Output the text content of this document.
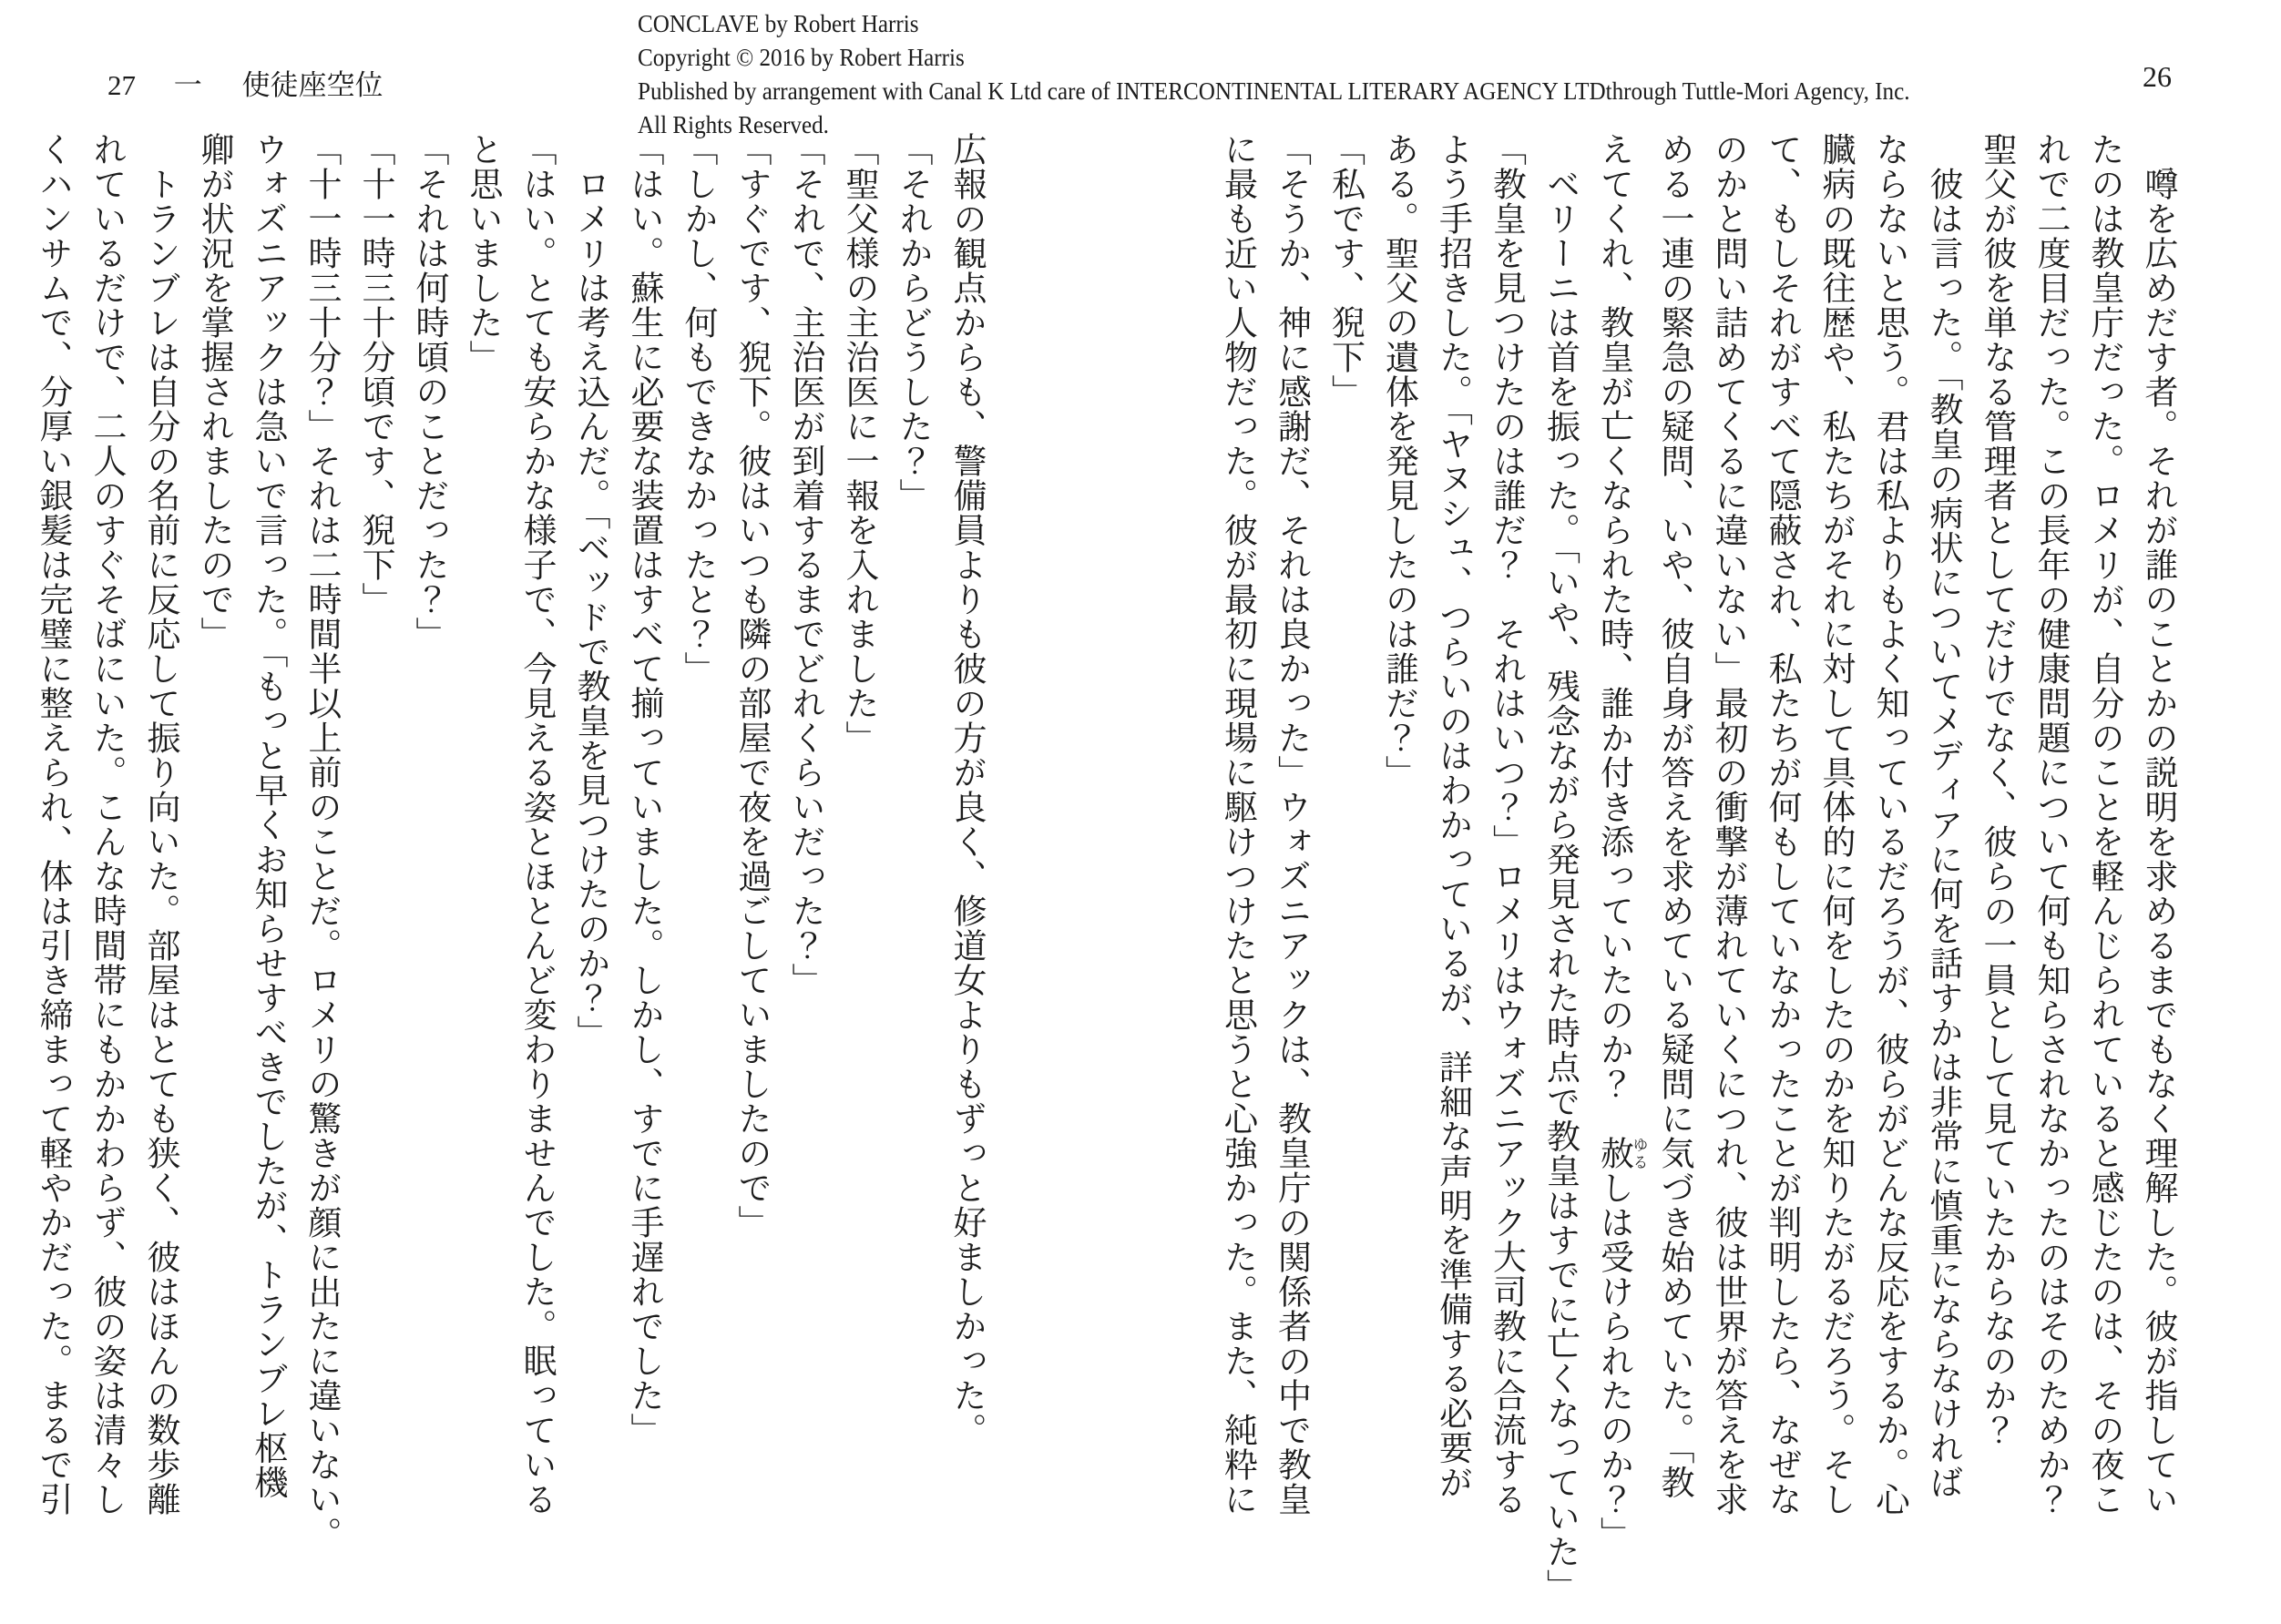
CONCLAVE by Robert Harris
Copyright © 2016 by Robert Harris
Published by arrangement with Canal K Ltd care of INTERCONTINENTAL LITERARY AGENCY LTDthrough Tuttle-Mori Agency, Inc.
All Rights Reserved.
27 一 使徒座空位	26
　噂を広めだす者。それが誰のことかの説明を求めるまでもなく理解した。彼が指してい
たのは教皇庁だった。ロメリが、自分のことを軽んじられていると感じたのは、その夜こ
れで二度目だった。この長年の健康問題について何も知らされなかったのはそのためか？
聖父が彼を単なる管理者としてだけでなく、彼らの一員として見ていたからなのか？
　彼は言った。「教皇の病状についてメディアに何を話すかは非常に慎重にならなければ
ならないと思う。君は私よりもよく知っているだろうが、彼らがどんな反応をするか。心
臓病の既往歴や、私たちがそれに対して具体的に何をしたのかを知りたがるだろう。そし
て、もしそれがすべて隠蔽され、私たちが何もしていなかったことが判明したら、なぜな
のかと問い詰めてくるに違いない」最初の衝撃が薄れていくにつれ、彼は世界が答えを求
める一連の緊急の疑問、いや、彼自身が答えを求めている疑問に気づき始めていた。「教
えてくれ、教皇が亡くなられた時、誰か付き添っていたのか？　赦ゆるしは受けられたのか？」
　ベリーニは首を振った。「いや、残念ながら発見された時点で教皇はすでに亡くなっていた」
「教皇を見つけたのは誰だ？　それはいつ？」ロメリはウォズニアック大司教に合流する
よう手招きした。「ヤヌシュ、つらいのはわかっているが、詳細な声明を準備する必要が
ある。聖父の遺体を発見したのは誰だ？」
「私です、猊下」
「そうか、神に感謝だ、それは良かった」ウォズニアックは、教皇庁の関係者の中で教皇
に最も近い人物だった。彼が最初に現場に駆けつけたと思うと心強かった。また、純粋に
広報の観点からも、警備員よりも彼の方が良く、修道女よりもずっと好ましかった。
「それからどうした？」
「聖父様の主治医に一報を入れました」
「それで、主治医が到着するまでどれくらいだった？」
「すぐです、猊下。彼はいつも隣の部屋で夜を過ごしていましたので」
「しかし、何もできなかったと？」
「はい。蘇生に必要な装置はすべて揃っていました。しかし、すでに手遅れでした」
　ロメリは考え込んだ。「ベッドで教皇を見つけたのか？」
「はい。とても安らかな様子で、今見える姿とほとんど変わりませんでした。眠っている
と思いました」
「それは何時頃のことだった？」
「十一時三十分頃です、猊下」
「十一時三十分？」それは二時間半以上前のことだ。ロメリの驚きが顔に出たに違いない。
ウォズニアックは急いで言った。「もっと早くお知らせすべきでしたが、トランブレ枢機
卿が状況を掌握されましたので」
　トランブレは自分の名前に反応して振り向いた。部屋はとても狭く、彼はほんの数歩離
れているだけで、二人のすぐそばにいた。こんな時間帯にもかかわらず、彼の姿は清々し
くハンサムで、分厚い銀髪は完璧に整えられ、体は引き締まって軽やかだった。まるで引
